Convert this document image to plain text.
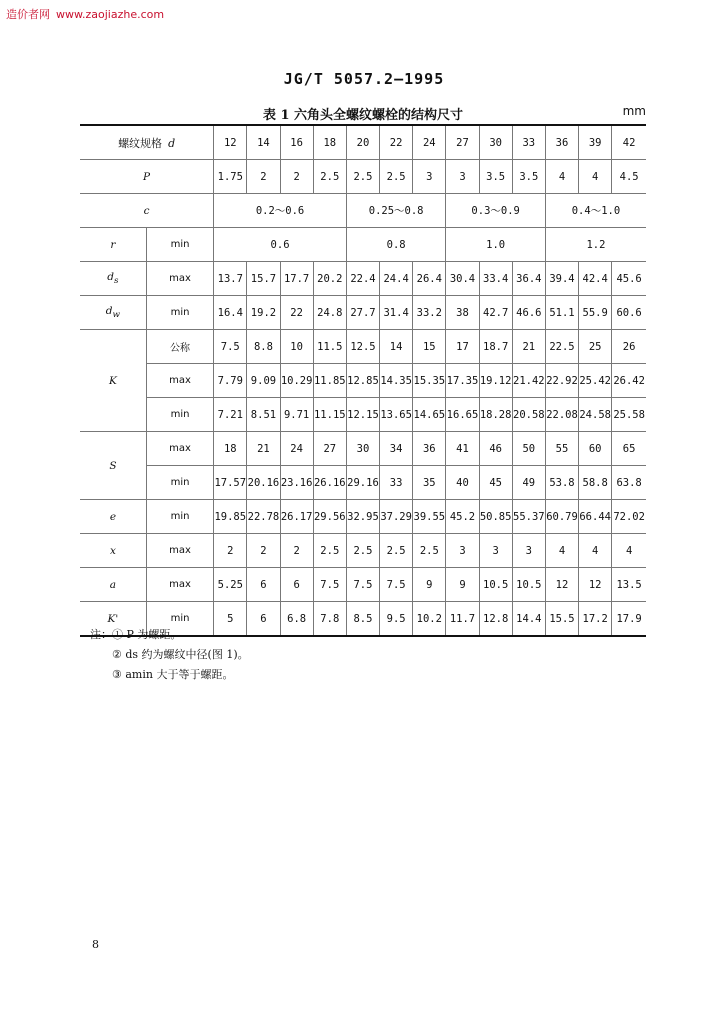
造价者网 www.zaojiazhe.com
JG/T 5057.2—1995
表 1 六角头全螺纹螺栓的结构尺寸	mm
螺纹规格 d		12	14	16	18	20	22	24	27	30	33	36	39	42
P		1.75	2	2	2.5	2.5	2.5	3	3	3.5	3.5	4	4	4.5
c		0.2～0.6				0.25～0.8			0.3～0.9			0.4～1.0		
r	min	0.6				0.8			1.0			1.2		
$d_s$	max	13.7	15.7	17.7	20.2	22.4	24.4	26.4	30.4	33.4	36.4	39.4	42.4	45.6
$d_w$	min	16.4	19.2	22	24.8	27.7	31.4	33.2	38	42.7	46.6	51.1	55.9	60.6
K	公称	7.5	8.8	10	11.5	12.5	14	15	17	18.7	21	22.5	25	26
	max	7.79	9.09	10.29	11.85	12.85	14.35	15.35	17.35	19.12	21.42	22.92	25.42	26.42
	min	7.21	8.51	9.71	11.15	12.15	13.65	14.65	16.65	18.28	20.58	22.08	24.58	25.58
S	max	18	21	24	27	30	34	36	41	46	50	55	60	65
	min	17.57	20.16	23.16	26.16	29.16	33	35	40	45	49	53.8	58.8	63.8
e	min	19.85	22.78	26.17	29.56	32.95	37.29	39.55	45.2	50.85	55.37	60.79	66.44	72.02
x	max	2	2	2	2.5	2.5	2.5	2.5	3	3	3	4	4	4
a	max	5.25	6	6	7.5	7.5	7.5	9	9	10.5	10.5	12	12	13.5
K'	min	5	6	6.8	7.8	8.5	9.5	10.2	11.7	12.8	14.4	15.5	17.2	17.9
注：① P 为螺距。
② ds 约为螺纹中径(图 1)。
③ amin 大于等于螺距。
8
